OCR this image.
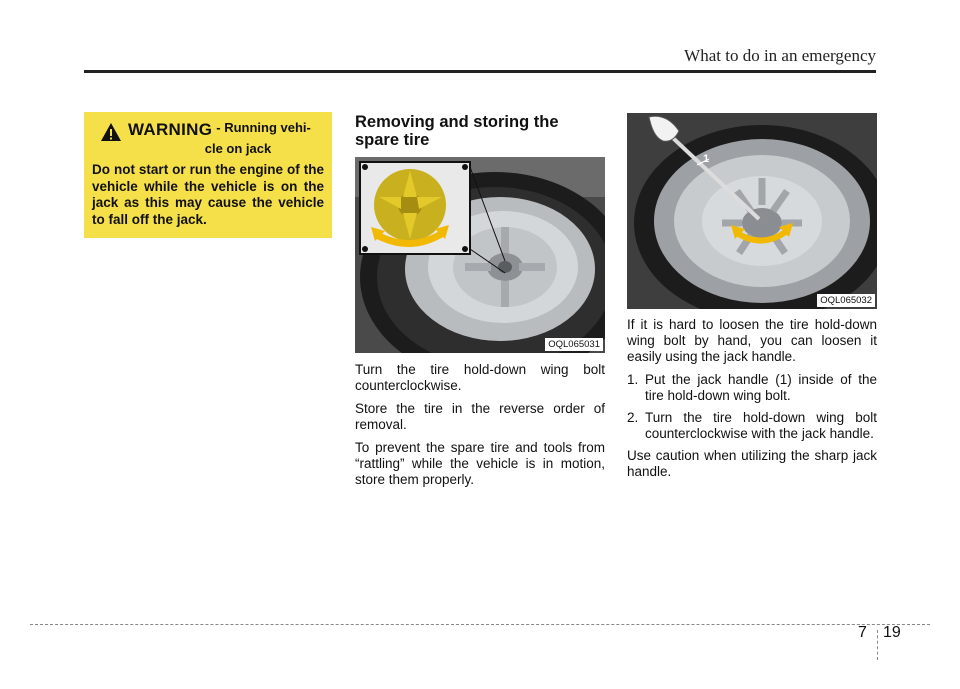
What to do in an emergency
WARNING - Running vehi-
cle on jack
Do not start or run the engine of the vehicle while the vehicle is on the jack as this may cause the vehicle to fall off the jack.
Removing and storing the spare tire
OQL065031
1
OQL065032

Turn the tire hold-down wing bolt counterclockwise.

Store the tire in the reverse order of removal.

To prevent the spare tire and tools from “rattling” while the vehicle is in motion, store them properly.

If it is hard to loosen the tire hold-down wing bolt by hand, you can loosen it easily using the jack handle.

1. Put the jack handle (1) inside of the tire hold-down wing bolt.
2. Turn the tire hold-down wing bolt counterclockwise with the jack handle.

Use caution when utilizing the sharp jack handle.

7 19
